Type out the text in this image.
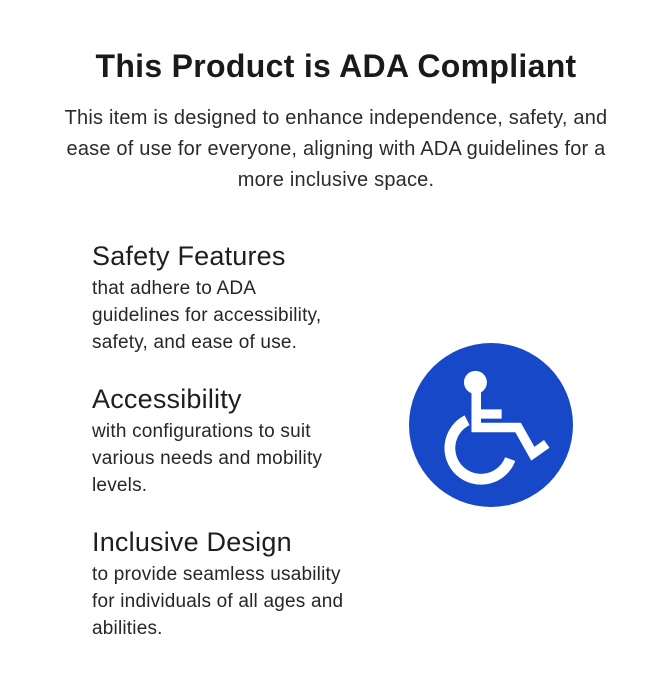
This Product is ADA Compliant

This item is designed to enhance independence, safety, and
ease of use for everyone, aligning with ADA guidelines for a
more inclusive space.

Safety Features
that adhere to ADA
guidelines for accessibility,
safety, and ease of use.
Accessibility
with configurations to suit
various needs and mobility
levels.
Inclusive Design
to provide seamless usability
for individuals of all ages and
abilities.
